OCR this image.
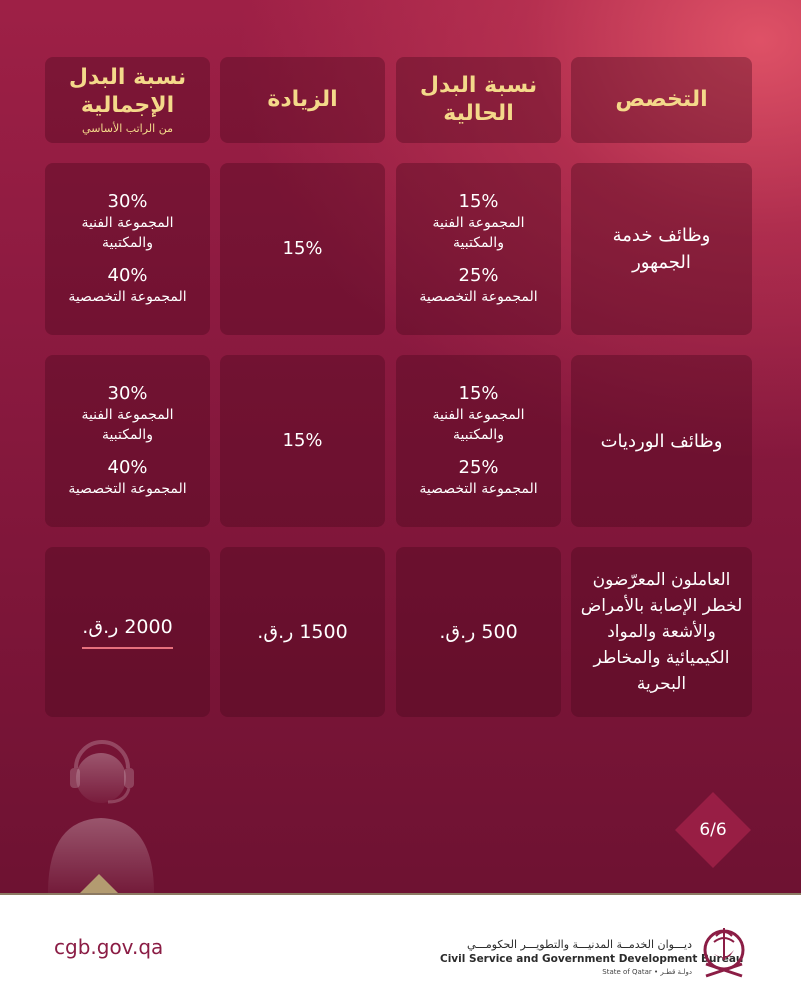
التخصص
نسبة البدل الحالية
الزيادة
نسبة البدل الإجمالية
من الراتب الأساسي
وظائف خدمة الجمهور
15%
المجموعة الفنية والمكتبية
25%
المجموعة التخصصية
15%
30%
المجموعة الفنية والمكتبية
40%
المجموعة التخصصية
وظائف الورديات
15%
المجموعة الفنية والمكتبية
25%
المجموعة التخصصية
15%
30%
المجموعة الفنية والمكتبية
40%
المجموعة التخصصية
العاملون المعرّضون لخطر الإصابة بالأمراض والأشعة والمواد الكيميائية والمخاطر البحرية
500 ر.ق.
1500 ر.ق.
2000 ر.ق.
6/6
cgb.gov.qa	ديـــوان الخدمــة المدنيـــة والتطويـــر الحكومـــي
Civil Service and Government Development Bureau
State of Qatar • دولـة قطـر
